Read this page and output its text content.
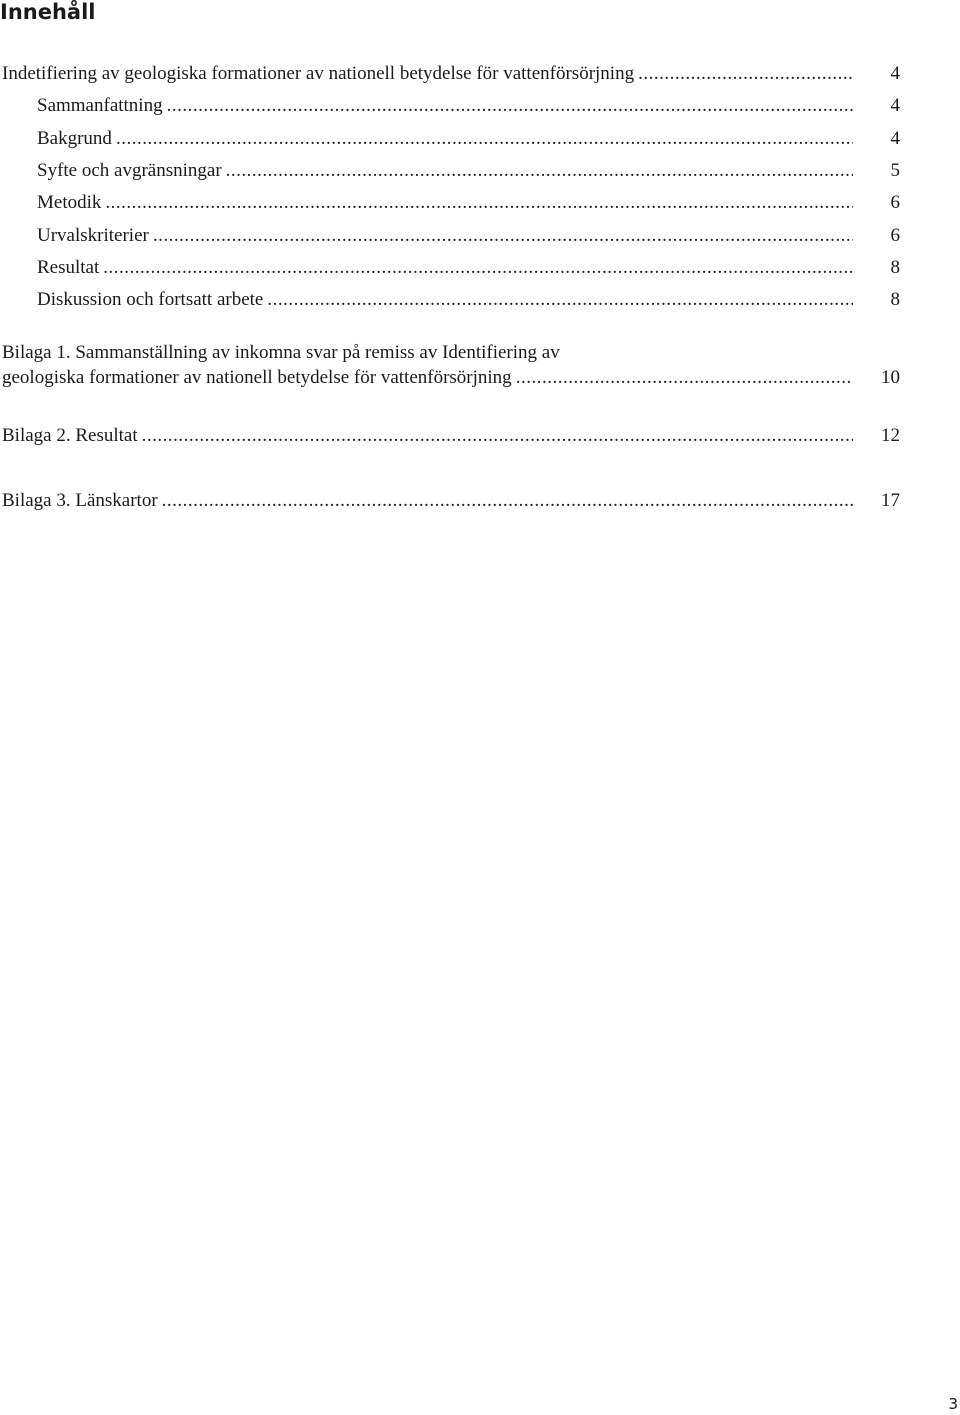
Innehåll
Indetifiering av geologiska formationer av nationell betydelse för vattenförsörjning .....	4
Sammanfattning .....	4
Bakgrund .....	4
Syfte och avgränsningar .....	5
Metodik .....	6
Urvalskriterier .....	6
Resultat .....	8
Diskussion och fortsatt arbete .....	8
Bilaga 1. Sammanställning av inkomna svar på remiss av Identifiering av
geologiska formationer av nationell betydelse för vattenförsörjning .....	10
Bilaga 2. Resultat .....	12
Bilaga 3. Länskartor .....	17
3
